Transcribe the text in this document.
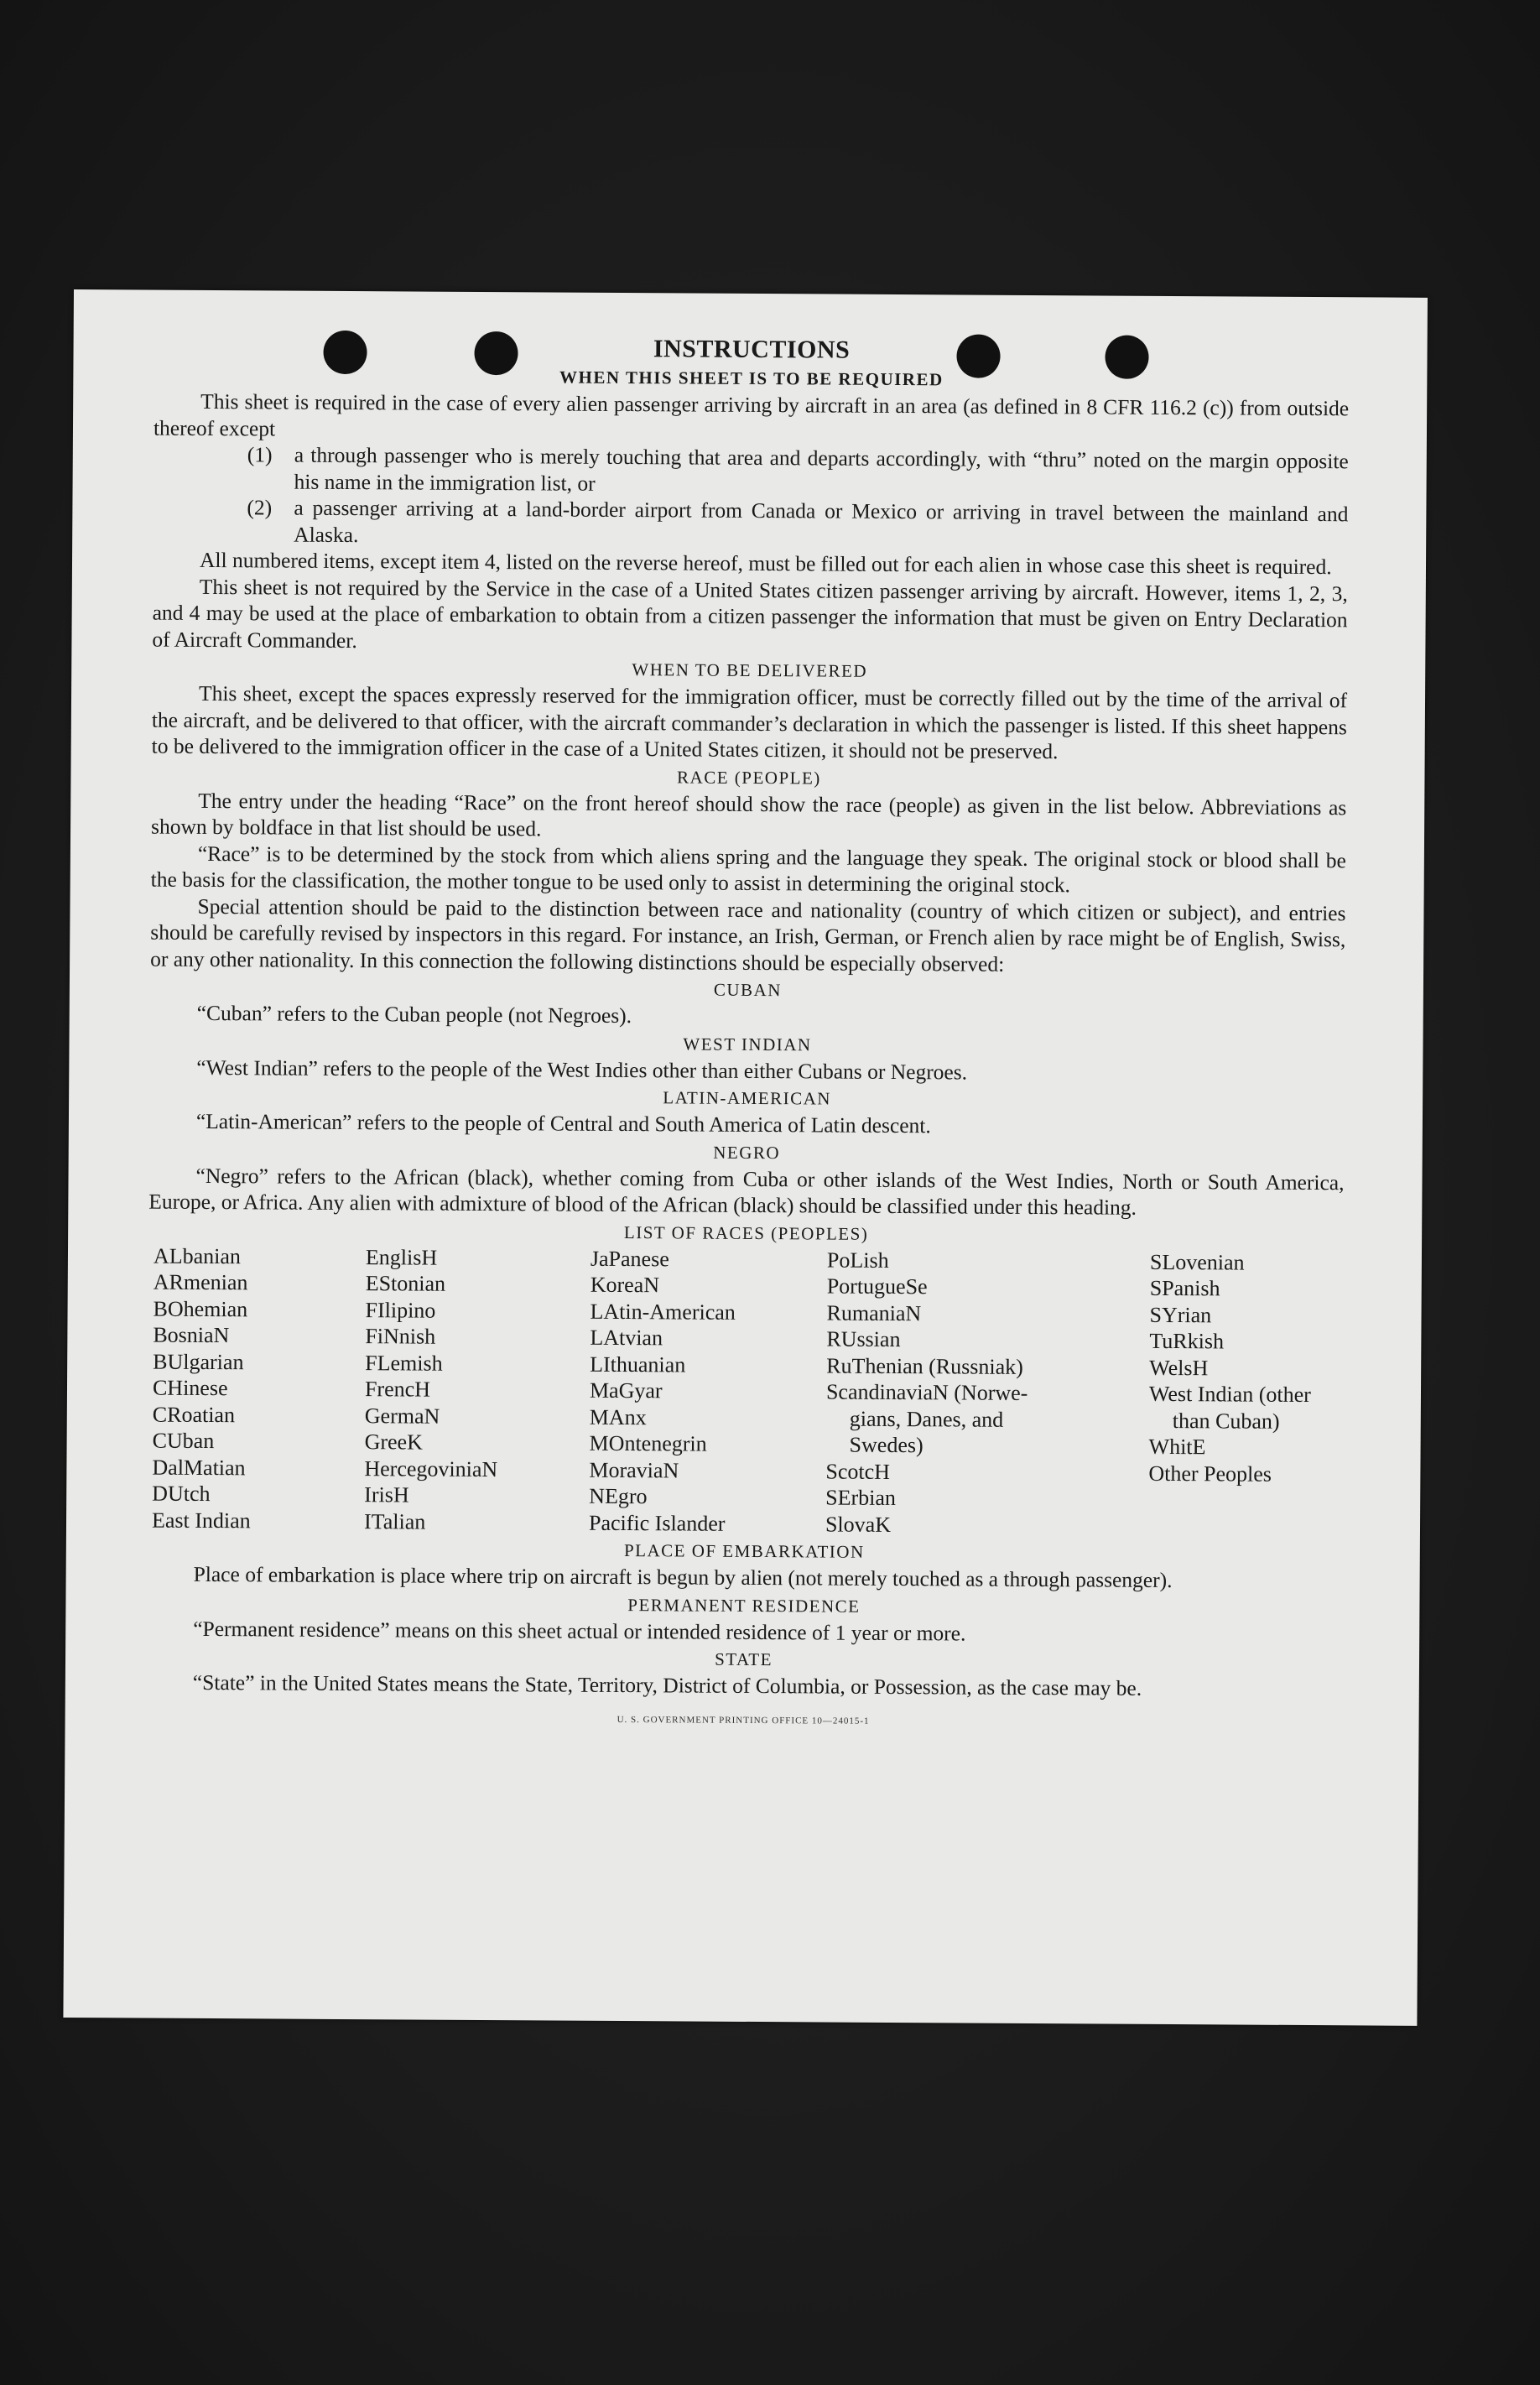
INSTRUCTIONS
WHEN THIS SHEET IS TO BE REQUIRED

This sheet is required in the case of every alien passenger arriving by aircraft in an area (as defined in 8 CFR 116.2 (c)) from outside thereof except

(1)	a through passenger who is merely touching that area and departs accordingly, with “thru” noted on the margin opposite his name in the immigration list, or
(2)	a passenger arriving at a land-border airport from Canada or Mexico or arriving in travel between the mainland and Alaska.

All numbered items, except item 4, listed on the reverse hereof, must be filled out for each alien in whose case this sheet is required.

This sheet is not required by the Service in the case of a United States citizen passenger arriving by aircraft. However, items 1, 2, 3, and 4 may be used at the place of embarkation to obtain from a citizen passenger the information that must be given on Entry Declaration of Aircraft Commander.

WHEN TO BE DELIVERED

This sheet, except the spaces expressly reserved for the immigration officer, must be correctly filled out by the time of the arrival of the aircraft, and be delivered to that officer, with the aircraft commander’s declaration in which the passenger is listed. If this sheet happens to be delivered to the immigration officer in the case of a United States citizen, it should not be preserved.

RACE (PEOPLE)

The entry under the heading “Race” on the front hereof should show the race (people) as given in the list below. Abbreviations as shown by boldface in that list should be used.

“Race” is to be determined by the stock from which aliens spring and the language they speak. The original stock or blood shall be the basis for the classification, the mother tongue to be used only to assist in determining the original stock.

Special attention should be paid to the distinction between race and nationality (country of which citizen or subject), and entries should be carefully revised by inspectors in this regard. For instance, an Irish, German, or French alien by race might be of English, Swiss, or any other nationality. In this connection the following distinctions should be especially observed:

CUBAN

“Cuban” refers to the Cuban people (not Negroes).

WEST INDIAN

“West Indian” refers to the people of the West Indies other than either Cubans or Negroes.

LATIN-AMERICAN

“Latin-American” refers to the people of Central and South America of Latin descent.

NEGRO

“Negro” refers to the African (black), whether coming from Cuba or other islands of the West Indies, North or South America, Europe, or Africa. Any alien with admixture of blood of the African (black) should be classified under this heading.

LIST OF RACES (PEOPLES)
ALbanian
ARmenian
BOhemian
BosniaN
BUlgarian
CHinese
CRoatian
CUban
DalMatian
DUtch
East Indian
EnglisH
EStonian
FIlipino
FiNnish
FLemish
FrencH
GermaN
GreeK
HercegoviniaN
IrisH
ITalian
JaPanese
KoreaN
LAtin-American
LAtvian
LIthuanian
MaGyar
MAnx
MOntenegrin
MoraviaN
NEgro
Pacific Islander
PoLish
PortugueSe
RumaniaN
RUssian
RuThenian (Russniak)
ScandinaviaN (Norwe-
gians, Danes, and
Swedes)
ScotcH
SErbian
SlovaK
SLovenian
SPanish
SYrian
TuRkish
WelsH
West Indian (other
than Cuban)
WhitE
Other Peoples
PLACE OF EMBARKATION

Place of embarkation is place where trip on aircraft is begun by alien (not merely touched as a through passenger).

PERMANENT RESIDENCE

“Permanent residence” means on this sheet actual or intended residence of 1 year or more.

STATE

“State” in the United States means the State, Territory, District of Columbia, or Possession, as the case may be.

U. S. GOVERNMENT PRINTING OFFICE 10—24015-1
